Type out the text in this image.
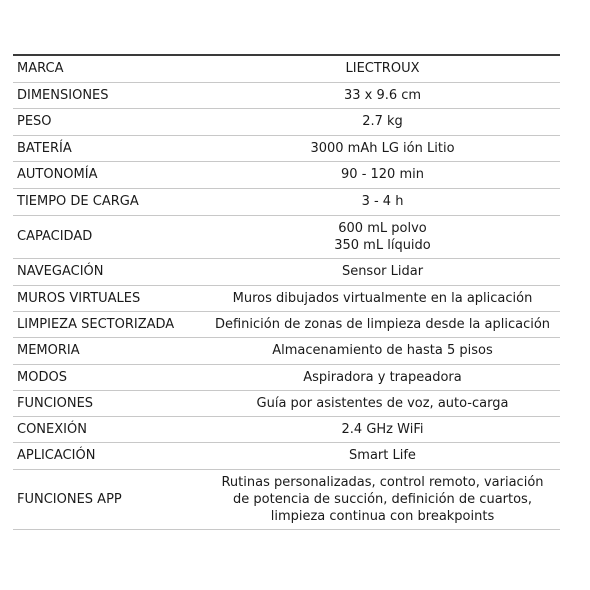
MARCA	LIECTROUX

DIMENSIONES	33 x 9.6 cm

PESO	2.7 kg

BATERÍA	3000 mAh LG ión Litio

AUTONOMÍA	90 - 120 min

TIEMPO DE CARGA	3 - 4 h

CAPACIDAD	600 mL polvo
350 mL líquido

NAVEGACIÓN	Sensor Lidar

MUROS VIRTUALES	Muros dibujados virtualmente en la aplicación

LIMPIEZA SECTORIZADA	Definición de zonas de limpieza desde la aplicación

MEMORIA	Almacenamiento de hasta 5 pisos

MODOS	Aspiradora y trapeadora

FUNCIONES	Guía por asistentes de voz, auto-carga

CONEXIÓN	2.4 GHz WiFi

APLICACIÓN	Smart Life

FUNCIONES APP	Rutinas personalizadas, control remoto, variación
de potencia de succión, definición de cuartos,
limpieza continua con breakpoints
